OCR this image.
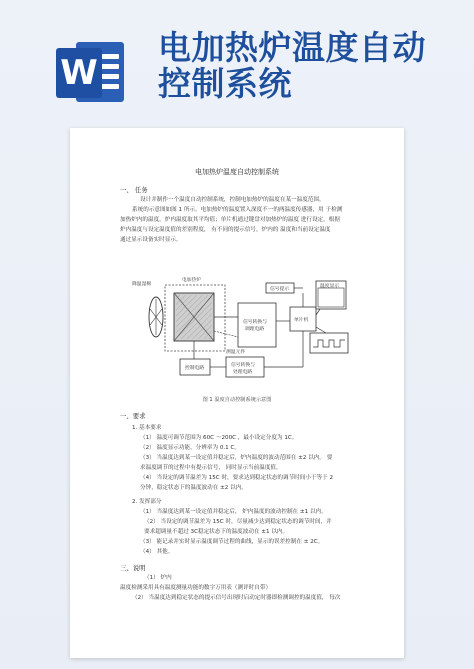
W
电加热炉温度自动控制系统
电加热炉温度自动控制系统
一、 任务
设计并制作一个温度自动控制系统，控制电加热炉的温度在某一温度范围。
系统的示意图如图 1 所示。电加热炉的温度置入深度不一的两温度传感器，用 于检测
加热炉内的温度，炉内温度取其平均值；单片机通过键盘对加热炉的温度 进行设定，根据
炉内温度与设定温度值的差别程度， 有不同的提示信号，炉内的 温度和当前设定温度
通过显示设备实时显示。
降温湿棉
电加热炉
信号转换与
调理电路
单片机
信号提示
温度显示
控制电路
信号转换与
处理电路
测温元件
图 1 温度自动控制系统示意图
一、要求
1. 基本要求
（1） 温度可调节范围为 60C 〜200C ，最小设定分度为 1C。
（2） 温度显示功能，分辨率为 0.1 C。
（3） 当温度达到某一设定值并稳定后，炉内温度的波动范围在 ±2 以内。 要
求温度调节的过程中有提示信号， 同时显示当前温度值。
（4） 当设定的调节温差为 15C 时，要求达到稳定状态的调节时间小于等于 2
分钟，稳定状态下的温度波动在 ±2 以内。
2. 发挥部分
（1） 当温度达到某一设定值并稳定后， 炉内温度的波动控制在 ±1 以内。
（2） 当设定的调节温差为 15C 时，尽量减少达到稳定状态的调节时间，并
要求超调量不超过 3C稳定状态下的温度波动在 ±1 以内。
（3） 能记录并实时显示温度调节过程的曲线，显示的误差控制在 ± 2C。
（4） 其他。
三、说明
（1） 炉内
温度检测采用具有温度测量功能的数字万用表（测评时自带）
（2） 当温度达到稳定状态的提示信号出现时启动定时器即检测调控的温度值， 每次
